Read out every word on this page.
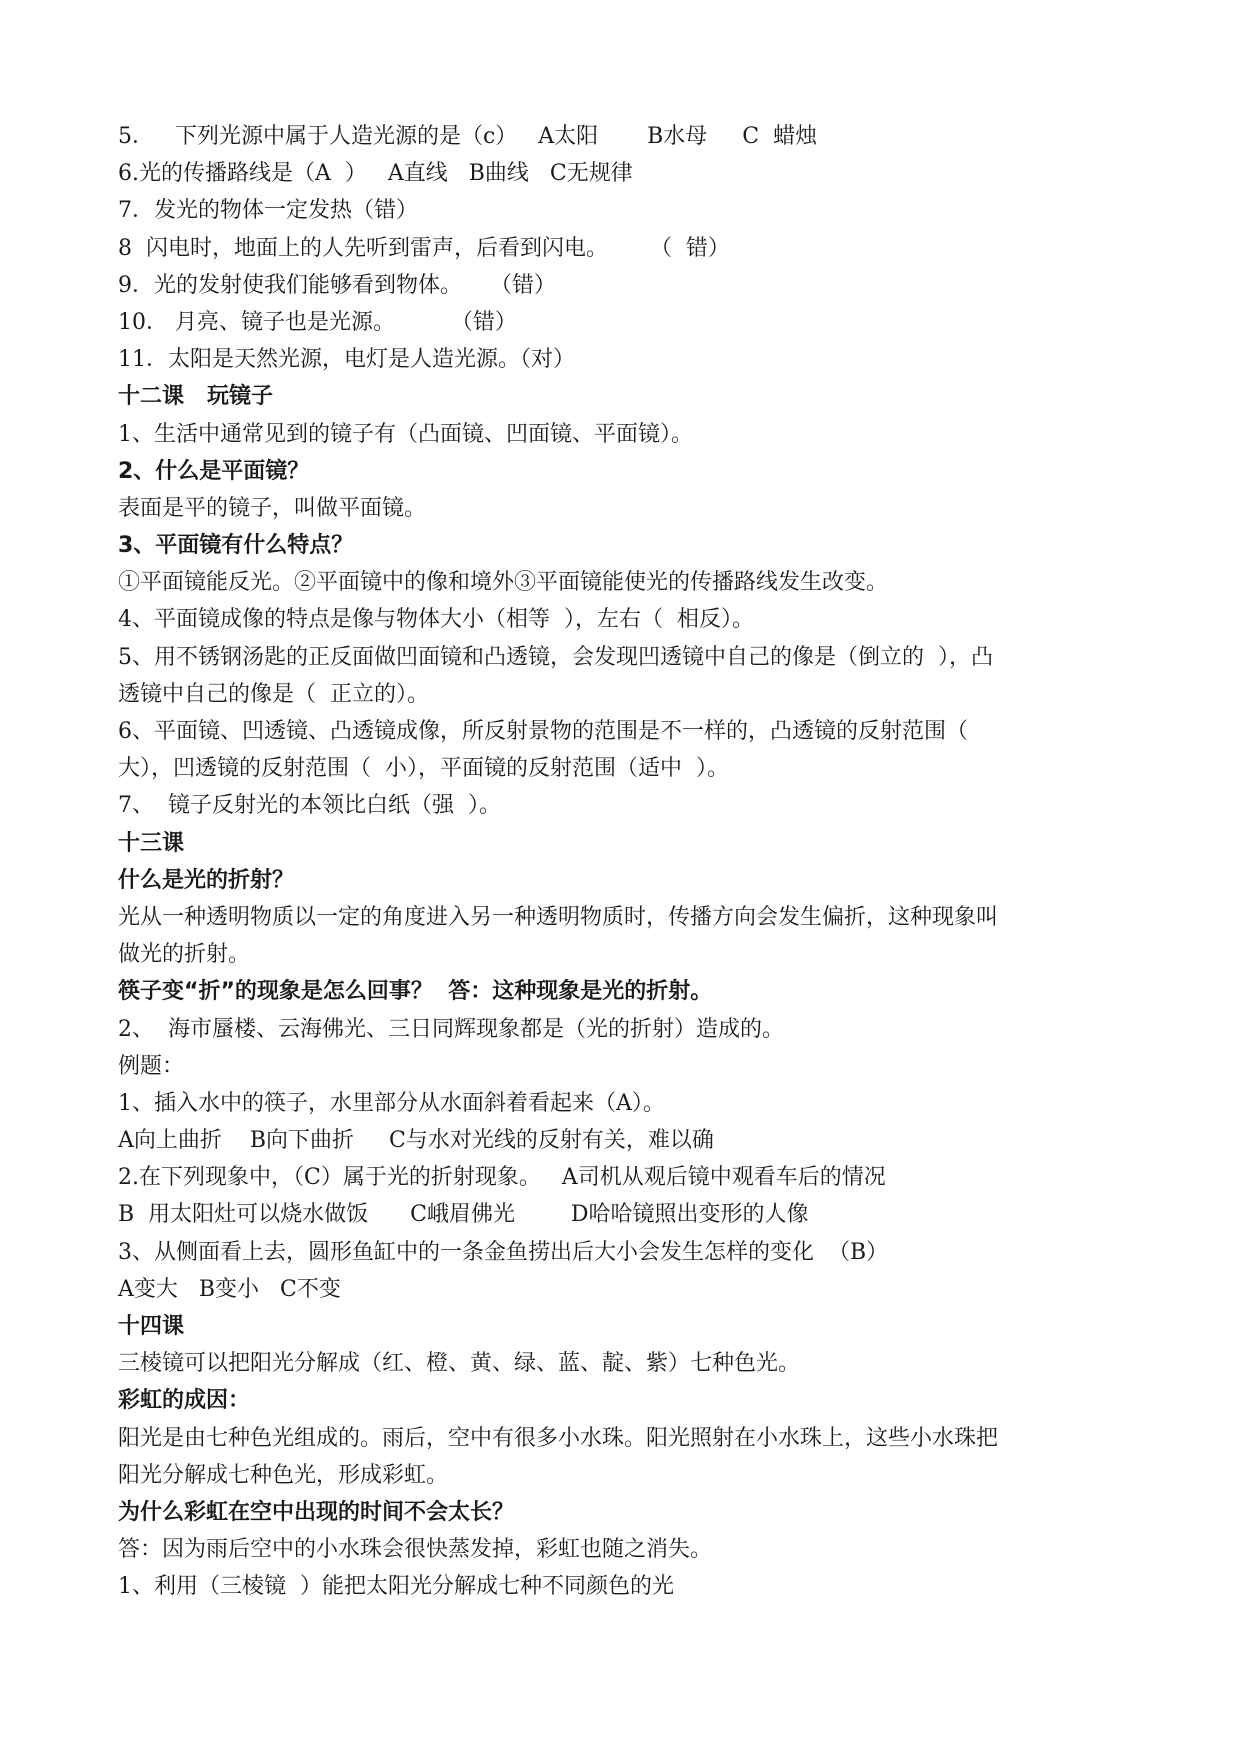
5．   下列光源中属于人造光源的是（c）   A太阳       B水母     C  蜡烛
6.光的传播路线是（A  ）   A直线   B曲线   C无规律
7．发光的物体一定发热（错）
8  闪电时，地面上的人先听到雷声，后看到闪电。      （  错）
9．光的发射使我们能够看到物体。    （错）
10． 月亮、镜子也是光源。        （错）
11．太阳是天然光源，电灯是人造光源。（对）
十二课   玩镜子
1、生活中通常见到的镜子有（凸面镜、凹面镜、平面镜）。
2、什么是平面镜？
表面是平的镜子，叫做平面镜。
3、平面镜有什么特点？
①平面镜能反光。②平面镜中的像和境外③平面镜能使光的传播路线发生改变。
4、平面镜成像的特点是像与物体大小（相等  ），左右（  相反）。
5、用不锈钢汤匙的正反面做凹面镜和凸透镜，会发现凹透镜中自己的像是（倒立的  ），凸
透镜中自己的像是（  正立的）。
6、平面镜、凹透镜、凸透镜成像，所反射景物的范围是不一样的，凸透镜的反射范围（
大），凹透镜的反射范围（  小），平面镜的反射范围（适中  ）。
7、  镜子反射光的本领比白纸（强  ）。
十三课
什么是光的折射？
光从一种透明物质以一定的角度进入另一种透明物质时，传播方向会发生偏折，这种现象叫
做光的折射。
筷子变“折”的现象是怎么回事？  答：这种现象是光的折射。
2、  海市蜃楼、云海佛光、三日同辉现象都是（光的折射）造成的。
例题：
1、插入水中的筷子，水里部分从水面斜着看起来（A）。
A向上曲折    B向下曲折     C与水对光线的反射有关，难以确
2.在下列现象中，（C）属于光的折射现象。   A司机从观后镜中观看车后的情况
B  用太阳灶可以烧水做饭      C峨眉佛光        D哈哈镜照出变形的人像
3、从侧面看上去，圆形鱼缸中的一条金鱼捞出后大小会发生怎样的变化  （B）
A变大   B变小   C不变
十四课
三棱镜可以把阳光分解成（红、橙、黄、绿、蓝、靛、紫）七种色光。
彩虹的成因：
阳光是由七种色光组成的。雨后，空中有很多小水珠。阳光照射在小水珠上，这些小水珠把
阳光分解成七种色光，形成彩虹。
为什么彩虹在空中出现的时间不会太长？
答：因为雨后空中的小水珠会很快蒸发掉，彩虹也随之消失。
1、利用（三棱镜  ）能把太阳光分解成七种不同颜色的光
